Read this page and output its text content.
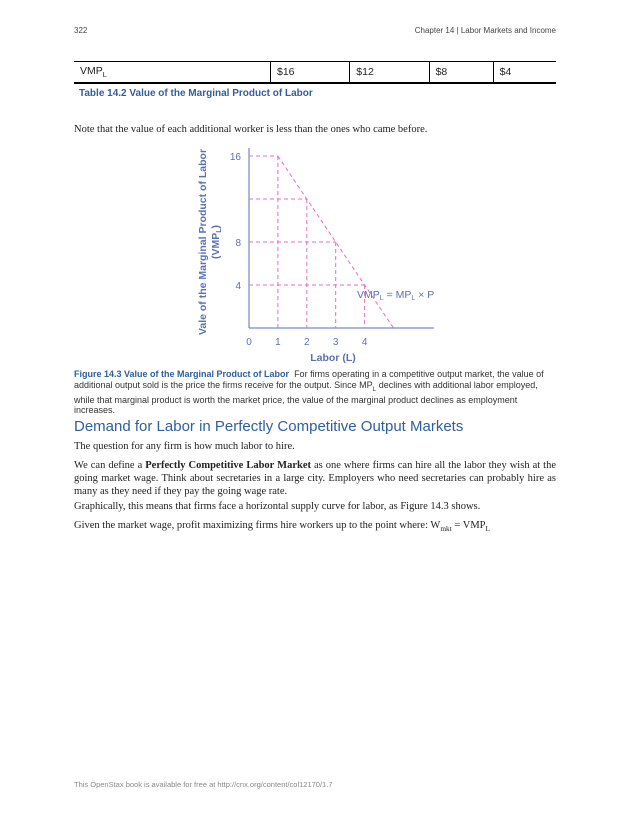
322	Chapter 14 | Labor Markets and Income
$VMP_L$	$16	$12	$8	$4
Table 14.2 Value of the Marginal Product of Labor
Note that the value of each additional worker is less than the ones who came before.
4
8
16
0 1 2 3 4
Vale of the Marginal Product of Labor (VMPL)
Labor (L)
VMPL = MPL × P
Figure 14.3 Value of the Marginal Product of Labor For firms operating in a competitive output market, the value of additional output sold is the price the firms receive for the output. Since $MP_L$ declines with additional labor employed, while that marginal product is worth the market price, the value of the marginal product declines as employment increases.
Demand for Labor in Perfectly Competitive Output Markets
The question for any firm is how much labor to hire.
We can define a Perfectly Competitive Labor Market as one where firms can hire all the labor they wish at the going market wage. Think about secretaries in a large city. Employers who need secretaries can probably hire as many as they need if they pay the going wage rate.
Graphically, this means that firms face a horizontal supply curve for labor, as Figure 14.3 shows.
Given the market wage, profit maximizing firms hire workers up to the point where: $W_{mkt} = VMP_L$
This OpenStax book is available for free at http://cnx.org/content/col12170/1.7
